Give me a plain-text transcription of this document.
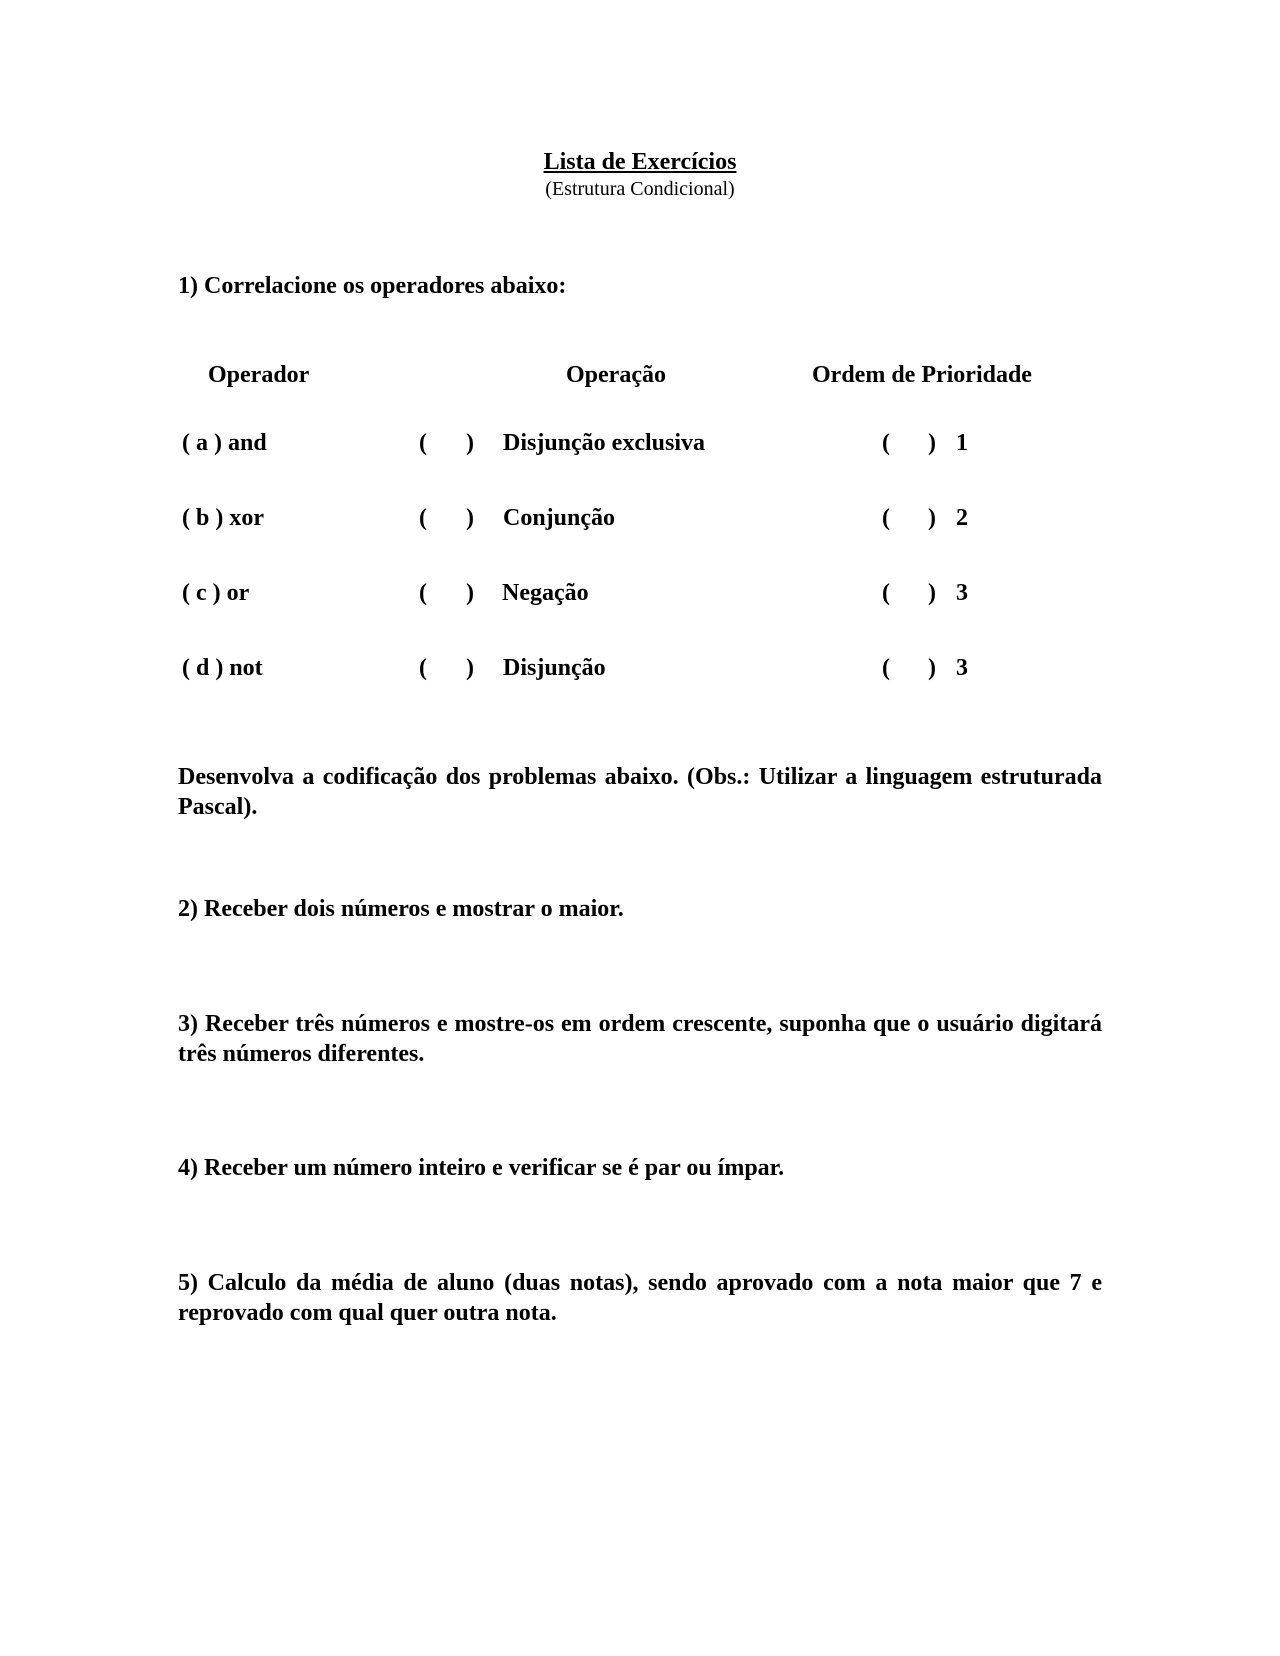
Lista de Exercícios
(Estrutura Condicional)
1) Correlacione os operadores abaixo:
Operador	Operação	Ordem de Prioridade
( a ) and	( ) Disjunção exclusiva	( ) 1
( b ) xor	( ) Conjunção	( ) 2
( c ) or	( ) Negação	( ) 3
( d ) not	( ) Disjunção	( ) 3
Desenvolva a codificação dos problemas abaixo. (Obs.: Utilizar a linguagem estruturada Pascal).
2) Receber dois números e mostrar o maior.
3) Receber três números e mostre-os em ordem crescente, suponha que o usuário digitará três números diferentes.
4) Receber um número inteiro e verificar se é par ou ímpar.
5) Calculo da média de aluno (duas notas), sendo aprovado com a nota maior que 7 e reprovado com qual quer outra nota.
